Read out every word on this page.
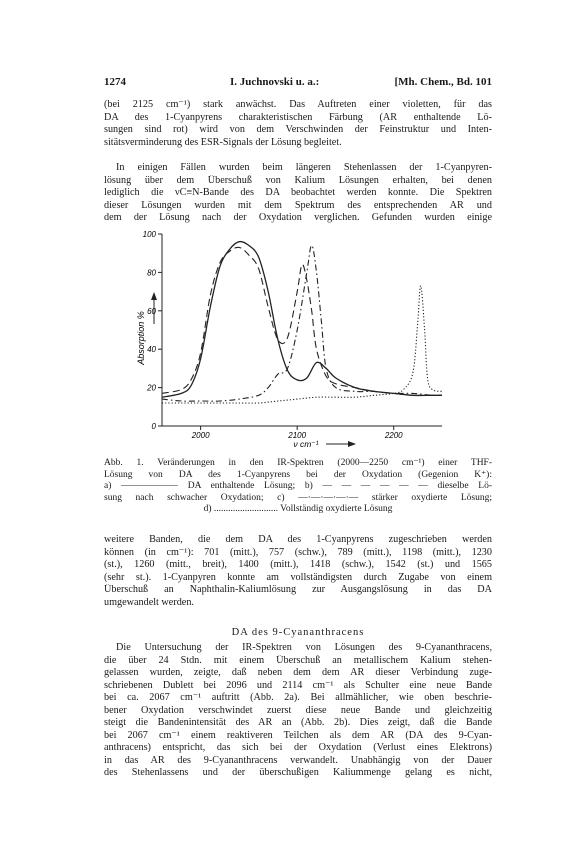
1274	I. Juchnovski u. a.:	[Mh. Chem., Bd. 101
(bei 2125 cm⁻¹) stark anwächst. Das Auftreten einer violetten, für das
DA des 1-Cyanpyrens charakteristischen Färbung (AR enthaltende Lö-
sungen sind rot) wird von dem Verschwinden der Feinstruktur und Inten-
sitätsverminderung des ESR-Signals der Lösung begleitet.
In einigen Fällen wurden beim längeren Stehenlassen der 1-Cyanpyren-
lösung über dem Überschuß von Kalium Lösungen erhalten, bei denen
lediglich die νC≡N-Bande des DA beobachtet werden konnte. Die Spektren
dieser Lösungen wurden mit dem Spektrum des entsprechenden AR und
dem der Lösung nach der Oxydation verglichen. Gefunden wurden einige
0
20
40
60
80
100
2000	2100	2200
Absorption %
ν cm⁻¹
Abb. 1. Veränderungen in den IR-Spektren (2000—2250 cm⁻¹) einer THF-
Lösung von DA des 1-Cyanpyrens bei der Oxydation (Gegenion K⁺):
a) —————— DA enthaltende Lösung; b) — — — — — — dieselbe Lö-
sung nach schwacher Oxydation; c) —·—·—·—·— stärker oxydierte Lösung;
d) ........................... Vollständig oxydierte Lösung
weitere Banden, die dem DA des 1-Cyanpyrens zugeschrieben werden
können (in cm⁻¹): 701 (mitt.), 757 (schw.), 789 (mitt.), 1198 (mitt.), 1230
(st.), 1260 (mitt., breit), 1400 (mitt.), 1418 (schw.), 1542 (st.) und 1565
(sehr st.). 1-Cyanpyren konnte am vollständigsten durch Zugabe von einem
Überschuß an Naphthalin-Kaliumlösung zur Ausgangslösung in das DA
umgewandelt werden.
DA des 9-Cyananthracens
Die Untersuchung der IR-Spektren von Lösungen des 9-Cyananthracens,
die über 24 Stdn. mit einem Überschuß an metallischem Kalium stehen-
gelassen wurden, zeigte, daß neben dem dem AR dieser Verbindung zuge-
schriebenen Dublett bei 2096 und 2114 cm⁻¹ als Schulter eine neue Bande
bei ca. 2067 cm⁻¹ auftritt (Abb. 2a). Bei allmählicher, wie oben beschrie-
bener Oxydation verschwindet zuerst diese neue Bande und gleichzeitig
steigt die Bandenintensität des AR an (Abb. 2b). Dies zeigt, daß die Bande
bei 2067 cm⁻¹ einem reaktiveren Teilchen als dem AR (DA des 9-Cyan-
anthracens) entspricht, das sich bei der Oxydation (Verlust eines Elektrons)
in das AR des 9-Cyananthracens verwandelt. Unabhängig von der Dauer
des Stehenlassens und der überschußigen Kaliummenge gelang es nicht,
